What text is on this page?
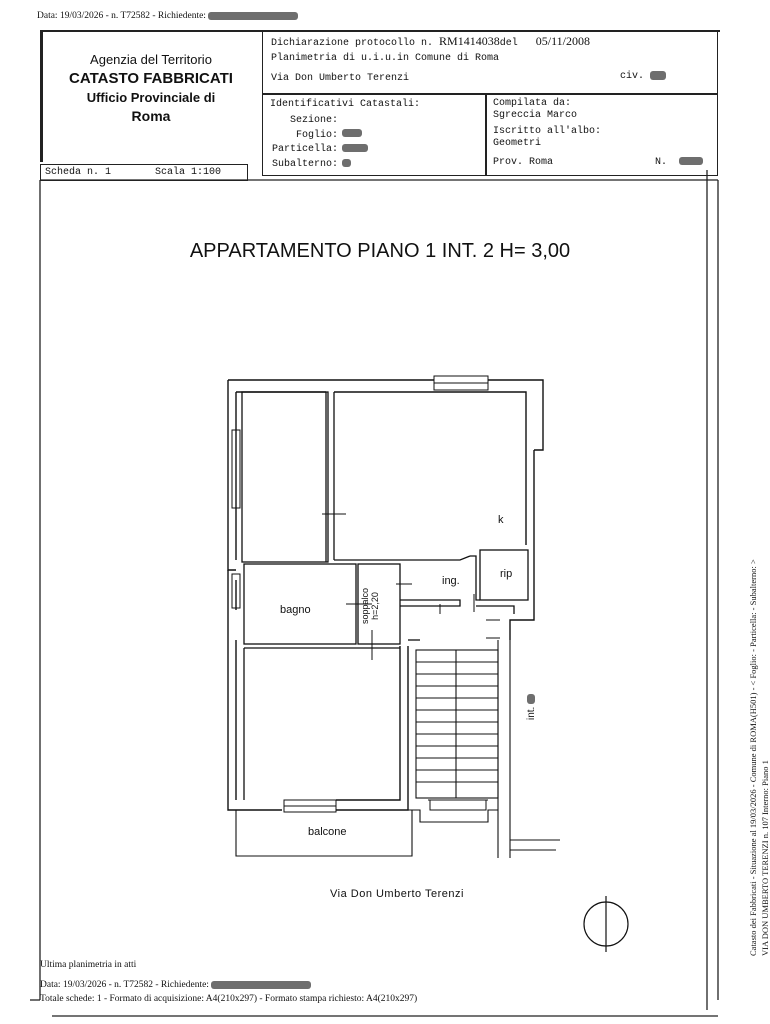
Data: 19/03/2026 - n. T72582 - Richiedente:
Agenzia del Territorio
CATASTO FABBRICATI
Ufficio Provinciale di
Roma
Dichiarazione protocollo n. RM1414038del 05/11/2008
Planimetria di u.i.u.in Comune di Roma
Via Don Umberto Terenzi	civ.
Identificativi Catastali:
Sezione:
Foglio:
Particella:
Subalterno:
Compilata da:
Sgreccia Marco
Iscritto all'albo:
Geometri
Prov. Roma	N.
Scheda n. 1	Scala 1:100
APPARTAMENTO PIANO 1 INT. 2 H= 3,00
k
rip
ing.
bagno	soppalco h=2,20
balcone
Via Don Umberto Terenzi
int.	Catasto dei Fabbricati - Situazione al 19/03/2026 - Comune di ROMA(H501) - < Foglio: - Particella: - Subalterno: > VIA DON UMBERTO TERENZI n. 107 Interno: Piano 1
Ultima planimetria in atti
Data: 19/03/2026 - n. T72582 - Richiedente:
Totale schede: 1 - Formato di acquisizione: A4(210x297) - Formato stampa richiesto: A4(210x297)
